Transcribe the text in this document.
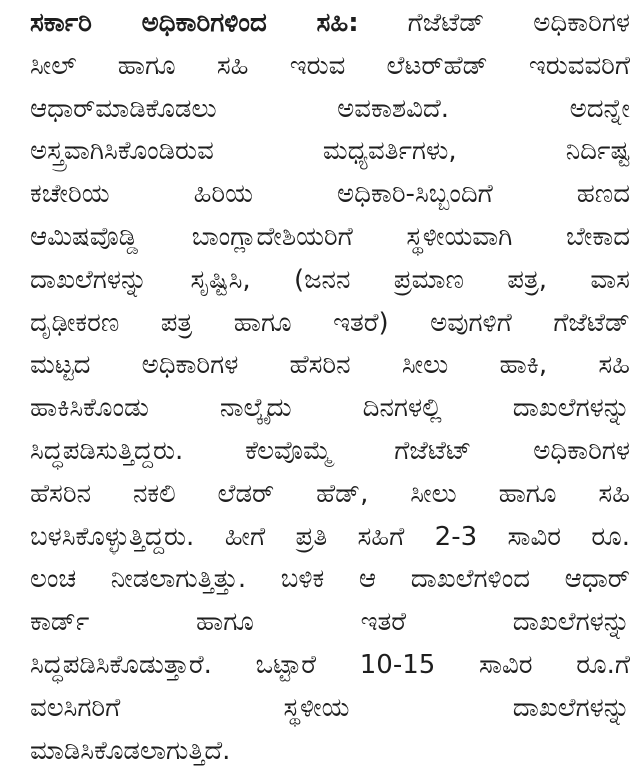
ಸರ್ಕಾರಿ ಅಧಿಕಾರಿಗಳಿಂದ ಸಹಿ: ಗೆಜೆಟೆಡ್ ಅಧಿಕಾರಿಗಳ
ಸೀಲ್ ಹಾಗೂ ಸಹಿ ಇರುವ ಲೆಟರ್‌ಹೆಡ್ ಇರುವವರಿಗೆ
ಆಧಾರ್‌ಮಾಡಿಕೊಡಲು ಅವಕಾಶವಿದೆ. ಅದನ್ನೇ
ಅಸ್ತ್ರವಾಗಿಸಿಕೊಂಡಿರುವ ಮಧ್ಯವರ್ತಿಗಳು, ನಿರ್ದಿಷ್ಟ
ಕಚೇರಿಯ ಹಿರಿಯ ಅಧಿಕಾರಿ-ಸಿಬ್ಬಂದಿಗೆ ಹಣದ
ಆಮಿಷವೊಡ್ಡಿ ಬಾಂಗ್ಲಾದೇಶಿಯರಿಗೆ ಸ್ಥಳೀಯವಾಗಿ ಬೇಕಾದ
ದಾಖಲೆಗಳನ್ನು ಸೃಷ್ಟಿಸಿ, (ಜನನ ಪ್ರಮಾಣ ಪತ್ರ, ವಾಸ
ದೃಢೀಕರಣ ಪತ್ರ ಹಾಗೂ ಇತರೆ) ಅವುಗಳಿಗೆ ಗೆಜೆಟೆಡ್
ಮಟ್ಟದ ಅಧಿಕಾರಿಗಳ ಹೆಸರಿನ ಸೀಲು ಹಾಕಿ, ಸಹಿ
ಹಾಕಿಸಿಕೊಂಡು ನಾಲ್ಕೈದು ದಿನಗಳಲ್ಲಿ ದಾಖಲೆಗಳನ್ನು
ಸಿದ್ಧಪಡಿಸುತ್ತಿದ್ದರು. ಕೆಲವೊಮ್ಮೆ ಗೆಜೆಟೆಟ್ ಅಧಿಕಾರಿಗಳ
ಹೆಸರಿನ ನಕಲಿ ಲೆಡರ್ ಹೆಡ್, ಸೀಲು ಹಾಗೂ ಸಹಿ
ಬಳಸಿಕೊಳ್ಳುತ್ತಿದ್ದರು. ಹೀಗೆ ಪ್ರತಿ ಸಹಿಗೆ 2-3 ಸಾವಿರ ರೂ.
ಲಂಚ ನೀಡಲಾಗುತ್ತಿತ್ತು. ಬಳಿಕ ಆ ದಾಖಲೆಗಳಿಂದ ಆಧಾರ್
ಕಾರ್ಡ್ ಹಾಗೂ ಇತರೆ ದಾಖಲೆಗಳನ್ನು
ಸಿದ್ಧಪಡಿಸಿಕೊಡುತ್ತಾರೆ. ಒಟ್ಟಾರೆ 10-15 ಸಾವಿರ ರೂ.ಗೆ
ವಲಸಿಗರಿಗೆ ಸ್ಥಳೀಯ ದಾಖಲೆಗಳನ್ನು
ಮಾಡಿಸಿಕೊಡಲಾಗುತ್ತಿದೆ.
